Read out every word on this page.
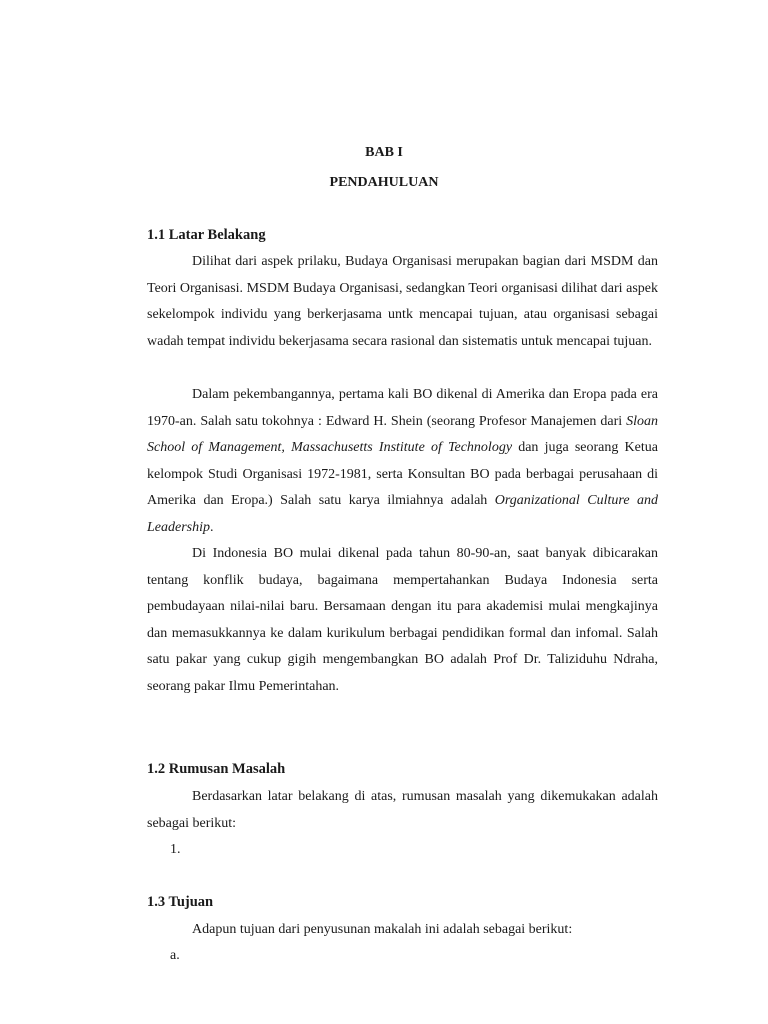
BAB I
PENDAHULUAN
1.1 Latar Belakang

Dilihat dari aspek prilaku, Budaya Organisasi merupakan bagian dari MSDM dan Teori Organisasi. MSDM Budaya Organisasi, sedangkan Teori organisasi dilihat dari aspek sekelompok individu yang berkerjasama untk mencapai tujuan, atau organisasi sebagai wadah tempat individu bekerjasama secara rasional dan sistematis untuk mencapai tujuan.

Dalam pekembangannya, pertama kali BO dikenal di Amerika dan Eropa pada era 1970-an. Salah satu tokohnya : Edward H. Shein (seorang Profesor Manajemen dari Sloan School of Management, Massachusetts Institute of Technology dan juga seorang Ketua kelompok Studi Organisasi 1972-1981, serta Konsultan BO pada berbagai perusahaan di Amerika dan Eropa.) Salah satu karya ilmiahnya adalah Organizational Culture and Leadership.

Di Indonesia BO mulai dikenal pada tahun 80-90-an, saat banyak dibicarakan tentang konflik budaya, bagaimana mempertahankan Budaya Indonesia serta pembudayaan nilai-nilai baru. Bersamaan dengan itu para akademisi mulai mengkajinya dan memasukkannya ke dalam kurikulum berbagai pendidikan formal dan infomal. Salah satu pakar yang cukup gigih mengembangkan BO adalah Prof Dr. Taliziduhu Ndraha, seorang pakar Ilmu Pemerintahan.

1.2 Rumusan Masalah

Berdasarkan latar belakang di atas, rumusan masalah yang dikemukakan adalah sebagai berikut:

1.
1.3 Tujuan

Adapun tujuan dari penyusunan makalah ini adalah sebagai berikut:

a.
